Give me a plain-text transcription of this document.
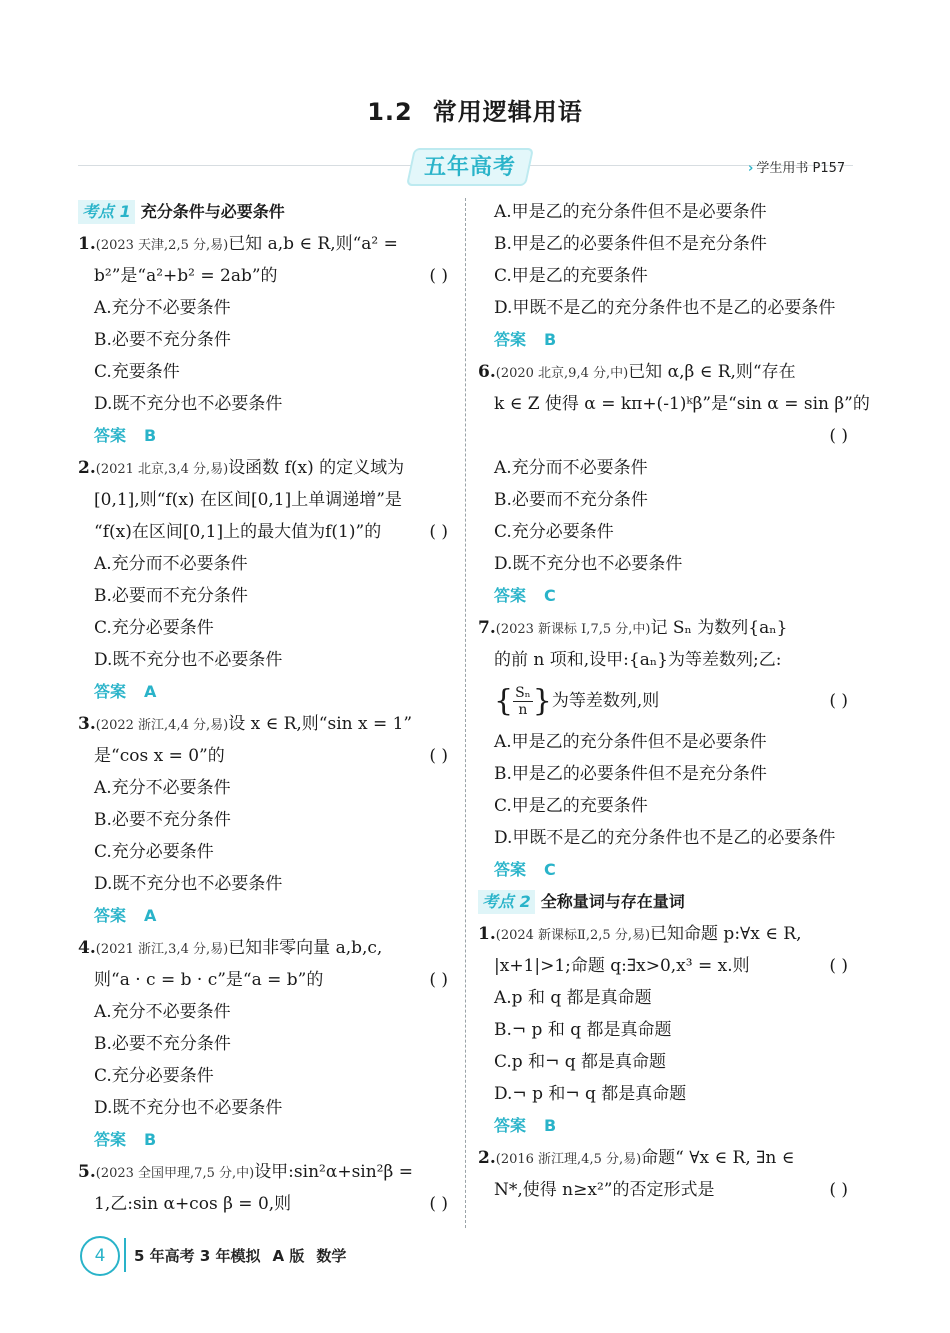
1.2 常用逻辑用语
五年高考	› 学生用书 P157
考点 1 充分条件与必要条件
1.(2023 天津,2,5 分,易)已知 a,b ∈ R,则“a² =
b²”是“a²+b² = 2ab”的	( )
A.充分不必要条件
B.必要不充分条件
C.充要条件
D.既不充分也不必要条件
答案 B
2.(2021 北京,3,4 分,易)设函数 f(x) 的定义域为
[0,1],则“f(x) 在区间[0,1]上单调递增”是
“f(x)在区间[0,1]上的最大值为f(1)”的	( )
A.充分而不必要条件
B.必要而不充分条件
C.充分必要条件
D.既不充分也不必要条件
答案 A
3.(2022 浙江,4,4 分,易)设 x ∈ R,则“sin x = 1”
是“cos x = 0”的	( )
A.充分不必要条件
B.必要不充分条件
C.充分必要条件
D.既不充分也不必要条件
答案 A
4.(2021 浙江,3,4 分,易)已知非零向量 a,b,c,
则“a · c = b · c”是“a = b”的	( )
A.充分不必要条件
B.必要不充分条件
C.充分必要条件
D.既不充分也不必要条件
答案 B
5.(2023 全国甲理,7,5 分,中)设甲:sin²α+sin²β =
1,乙:sin α+cos β = 0,则	( )
A.甲是乙的充分条件但不是必要条件
B.甲是乙的必要条件但不是充分条件
C.甲是乙的充要条件
D.甲既不是乙的充分条件也不是乙的必要条件
答案 B
6.(2020 北京,9,4 分,中)已知 α,β ∈ R,则“存在
k ∈ Z 使得 α = kπ+(-1)ᵏβ”是“sin α = sin β”的
( )
A.充分而不必要条件
B.必要而不充分条件
C.充分必要条件
D.既不充分也不必要条件
答案 C
7.(2023 新课标 Ⅰ,7,5 分,中)记 Sₙ 为数列{aₙ}
的前 n 项和,设甲:{aₙ}为等差数列;乙:
{ $\frac{\text{Sₙ}}{n}$ }为等差数列,则	( )
A.甲是乙的充分条件但不是必要条件
B.甲是乙的必要条件但不是充分条件
C.甲是乙的充要条件
D.甲既不是乙的充分条件也不是乙的必要条件
答案 C
考点 2 全称量词与存在量词
1.(2024 新课标Ⅱ,2,5 分,易)已知命题 p:∀x ∈ R,
|x+1|>1;命题 q:∃x>0,x³ = x.则	( )
A.p 和 q 都是真命题
B.¬ p 和 q 都是真命题
C.p 和¬ q 都是真命题
D.¬ p 和¬ q 都是真命题
答案 B
2.(2016 浙江理,4,5 分,易)命题“ ∀x ∈ R, ∃n ∈
N*,使得 n≥x²”的否定形式是	( )
4	5 年高考 3 年模拟 A 版 数学
